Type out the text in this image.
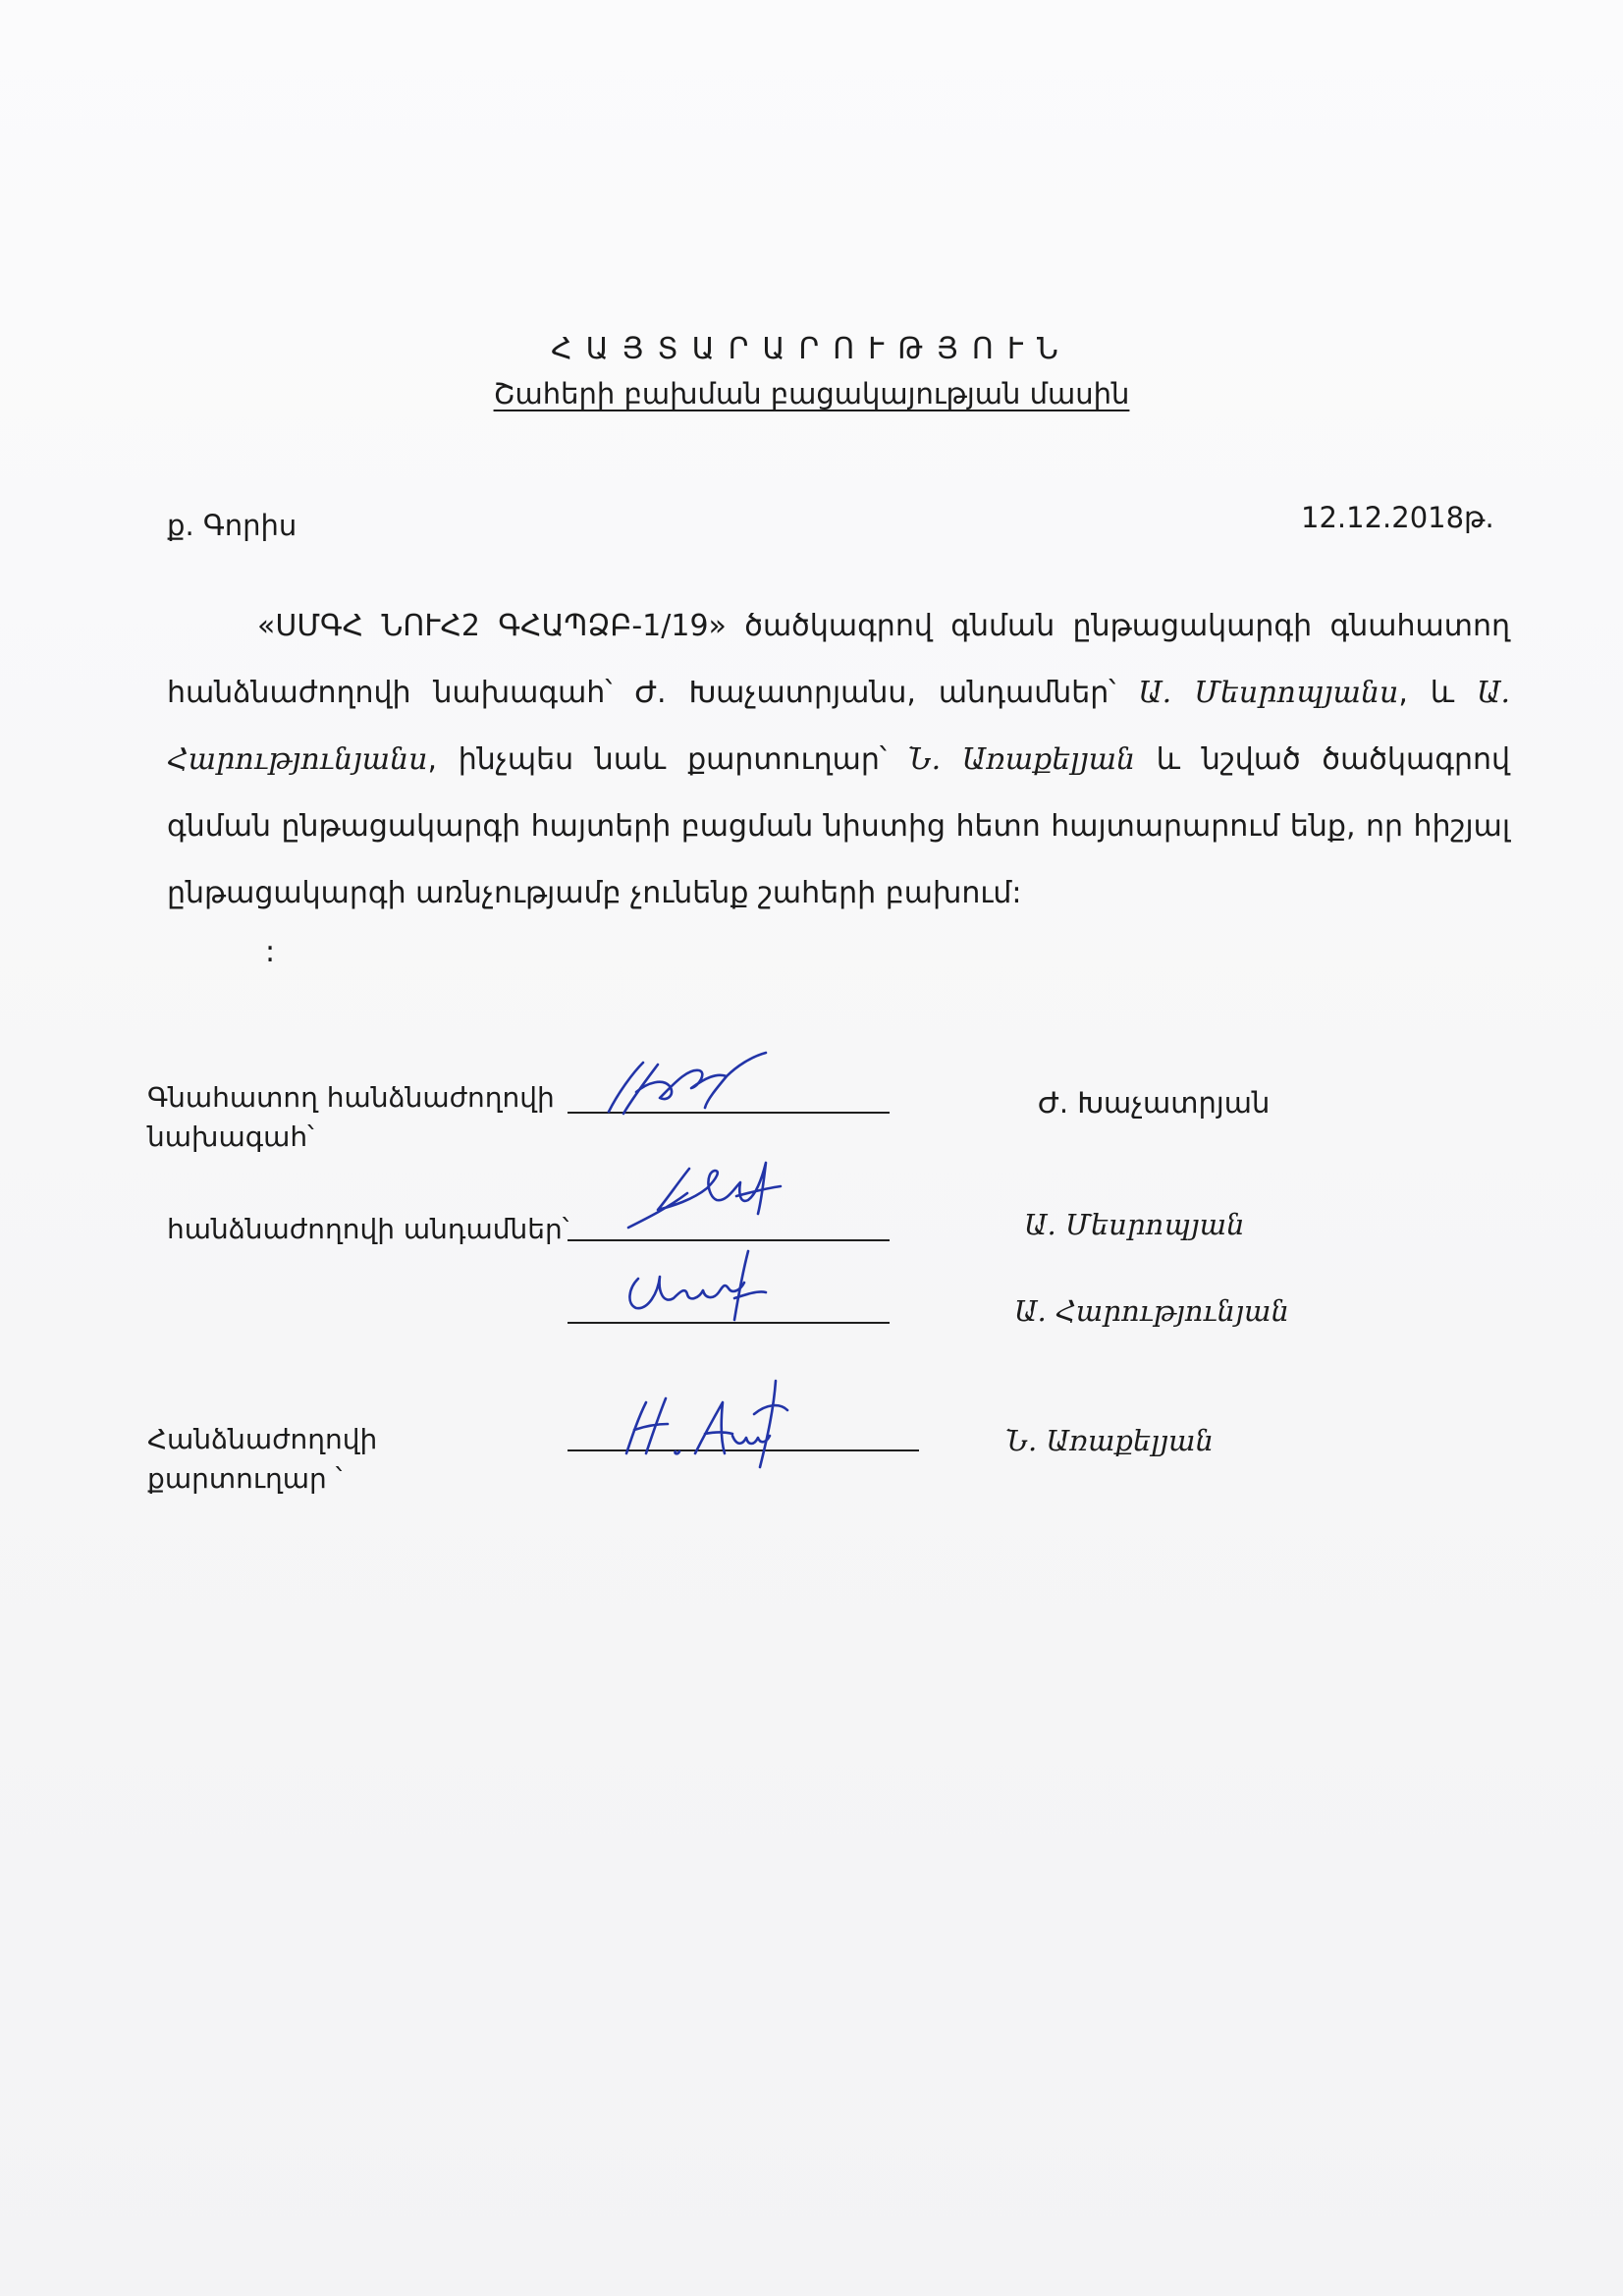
ՀԱՅՏԱՐԱՐՈՒԹՅՈՒՆ
Շահերի բախման բացակայության մասին
ք. Գորիս	12.12.2018թ.
«ՍՄԳՀ ՆՈՒՀ2 ԳՀԱՊՁԲ-1/19» ծածկագրով գնման ընթացակարգի գնահատող հանձնաժողովի նախագահ՝ Ժ. Խաչատրյանս, անդամներ՝ Ա. Մեսրոպյանս, և Ա. Հարությունյանս, ինչպես նաև քարտուղար՝ Ն. Առաքելյան և նշված ծածկագրով գնման ընթացակարգի հայտերի բացման նիստից հետո հայտարարում ենք, որ հիշյալ ընթացակարգի առնչությամբ չունենք շահերի բախում:
:
Գնահատող հանձնաժողովի նախագահ՝
Ժ. Խաչատրյան
հանձնաժողովի անդամներ՝	Ա. Մեսրոպյան
Ա. Հարությունյան
Հանձնաժողովի քարտուղար ՝
Ն. Առաքելյան
